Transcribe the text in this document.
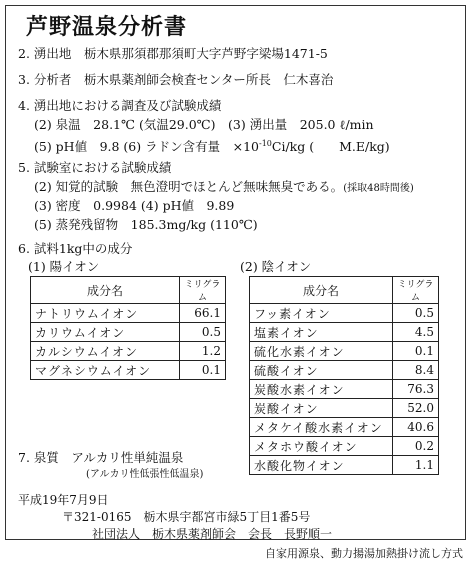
芦野温泉分析書
2. 湧出地　栃木県那須郡那須町大字芦野字梁場1471-5
3. 分析者　栃木県薬剤師会検査センター所長　仁木喜治
4. 湧出地における調査及び試験成績
(2) 泉温　28.1℃ (気温29.0℃)　(3) 湧出量　205.0 ℓ/min
(5) pH値　9.8 (6) ラドン含有量　$\times 10^{-10}Ci/kg$ (　　M.E/kg)
5. 試験室における試験成績
(2) 知覚的試験　無色澄明でほとんど無味無臭である。(採取48時間後)
(3) 密度　0.9984 (4) pH値　9.89
(5) 蒸発残留物　185.3mg/kg (110℃)
6. 試料1kg中の成分
(1) 陽イオン	(2) 陰イオン
成分名	ミリグラム
ナトリウムイオン	66.1
カリウムイオン	0.5
カルシウムイオン	1.2
マグネシウムイオン	0.1
成分名	ミリグラム
フッ素イオン	0.5
塩素イオン	4.5
硫化水素イオン	0.1
硫酸イオン	8.4
炭酸水素イオン	76.3
炭酸イオン	52.0
メタケイ酸水素イオン	40.6
メタホウ酸イオン	0.2
水酸化物イオン	1.1
7. 泉質　アルカリ性単純温泉
(アルカリ性低張性低温泉)
平成19年7月9日
〒321-0165　栃木県宇都宮市緑5丁目1番5号
社団法人　栃木県薬剤師会　会長　長野順一
自家用源泉、動力揚湯加熱掛け流し方式
